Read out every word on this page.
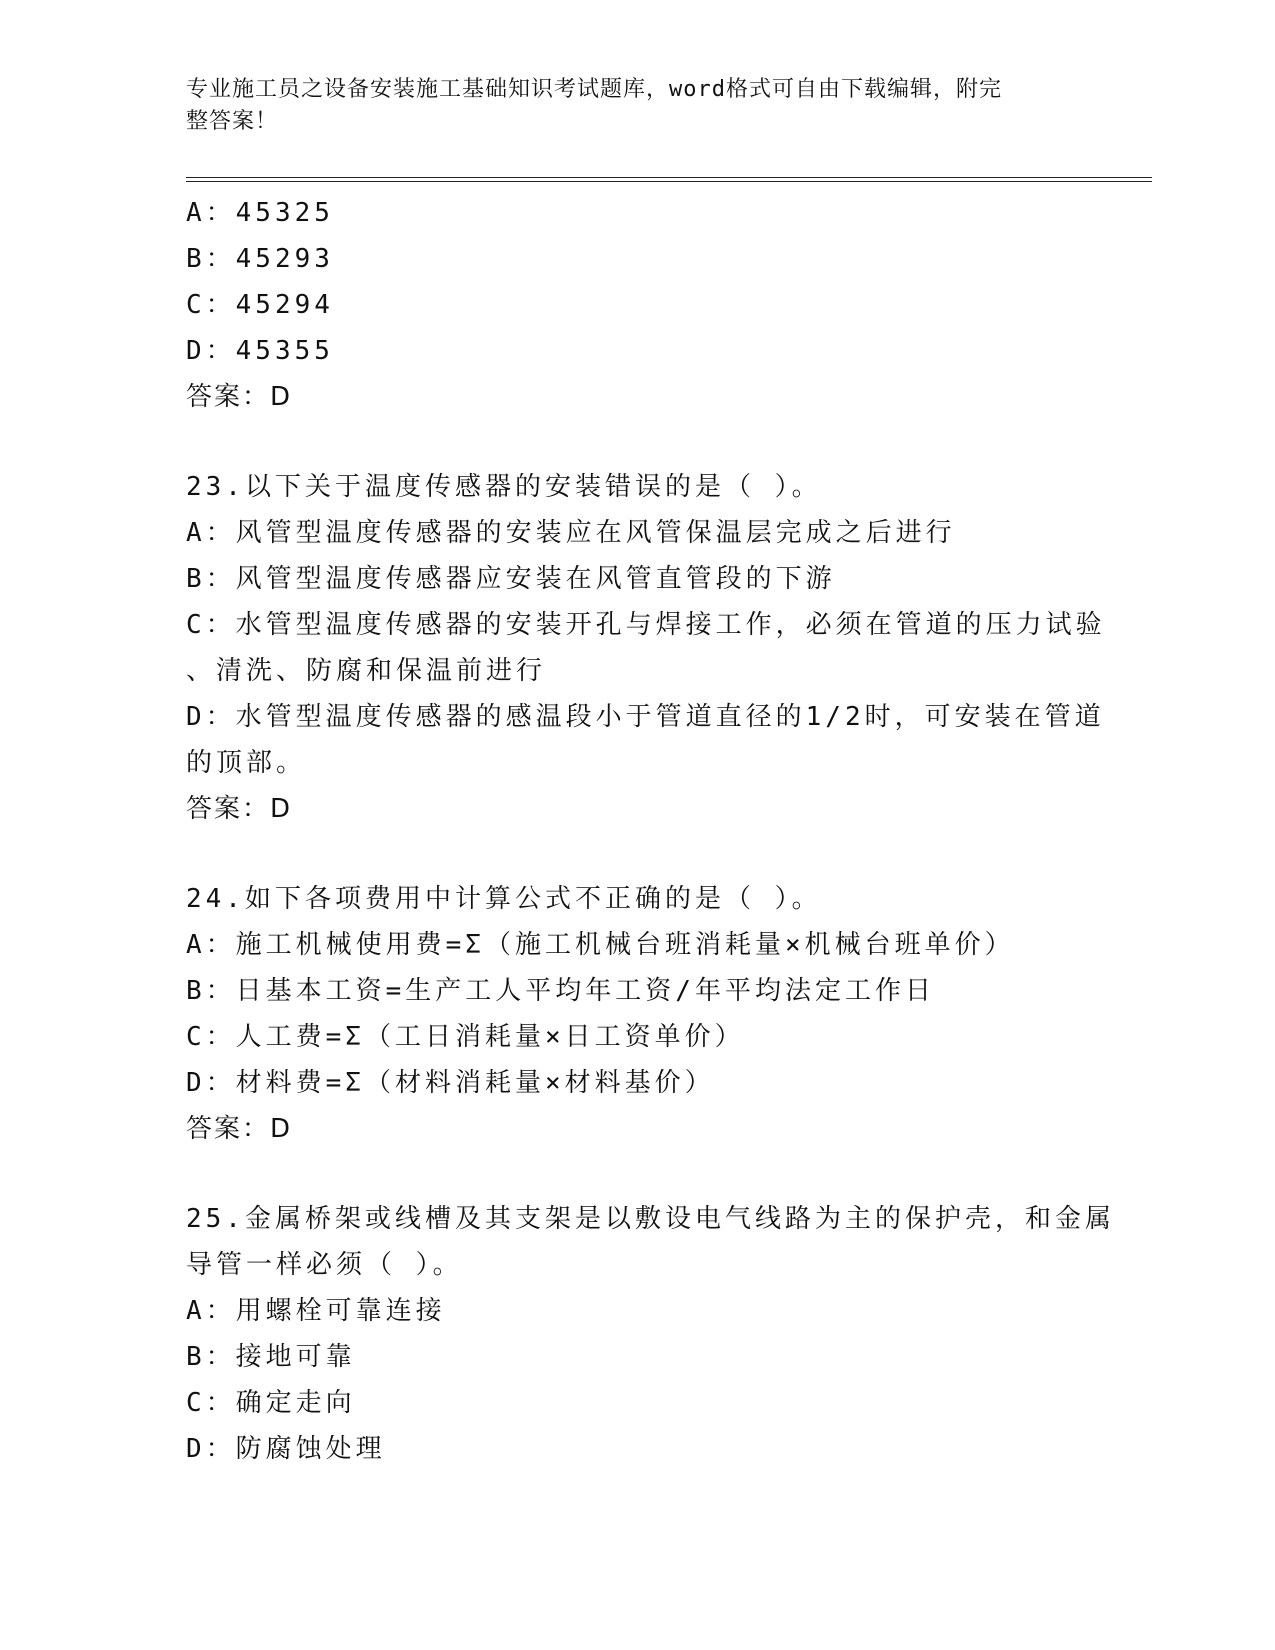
专业施工员之设备安装施工基础知识考试题库，word格式可自由下载编辑，附完
整答案！
A：45325
B：45293
C：45294
D：45355
答案：D
23.以下关于温度传感器的安装错误的是（ ）。
A：风管型温度传感器的安装应在风管保温层完成之后进行
B：风管型温度传感器应安装在风管直管段的下游
C：水管型温度传感器的安装开孔与焊接工作，必须在管道的压力试验
、清洗、防腐和保温前进行
D：水管型温度传感器的感温段小于管道直径的1/2时，可安装在管道
的顶部。
答案：D
24.如下各项费用中计算公式不正确的是（ ）。
A：施工机械使用费=Σ（施工机械台班消耗量×机械台班单价）
B：日基本工资=生产工人平均年工资/年平均法定工作日
C：人工费=Σ（工日消耗量×日工资单价）
D：材料费=Σ（材料消耗量×材料基价）
答案：D
25.金属桥架或线槽及其支架是以敷设电气线路为主的保护壳，和金属
导管一样必须（ ）。
A：用螺栓可靠连接
B：接地可靠
C：确定走向
D：防腐蚀处理
